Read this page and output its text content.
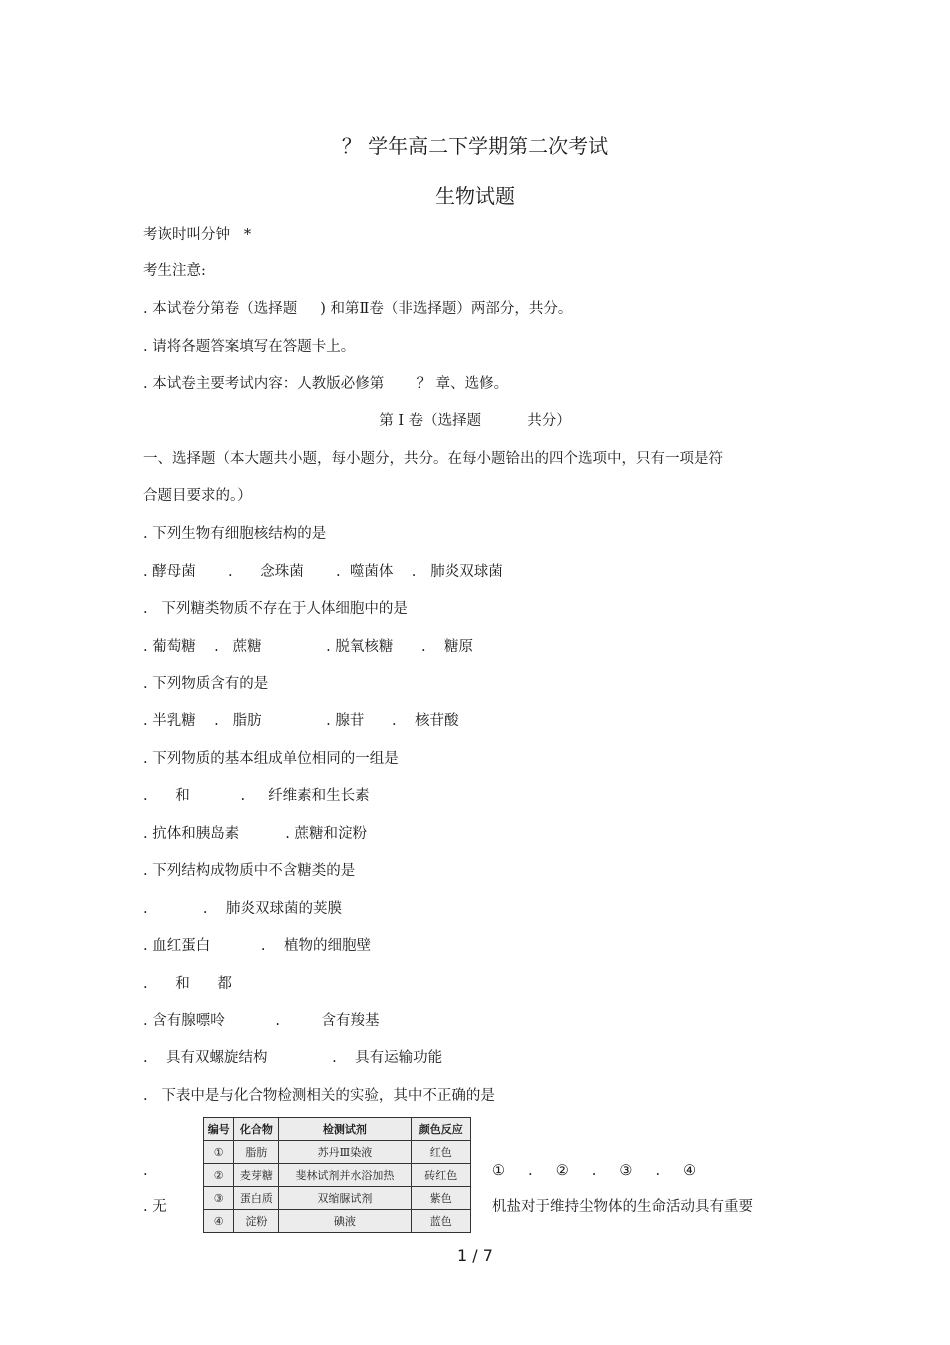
？ 学年高二下学期第二次考试
生物试题
考诙时叫分钟   *
考生注意:
. 本试卷分第卷（选择题     ) 和第Ⅱ卷（非选择题）两部分，共分。
. 请将各题答案填写在答题卡上。
. 本试卷主要考试内容：人教版必修第       ？ 章、选修。
第 Ⅰ 卷（选择题          共分）
一、选择题（本大题共小题，每小题分，共分。在每小题铪出的四个选项中，只有一项是符
合题目要求的。）
. 下列生物有细胞核结构的是
. 酵母菌       .      念珠菌       .  噬菌体    .   肺炎双球菌
.   下列糖类物质不存在于人体细胞中的是
. 葡萄糖    .   蔗糖              . 脱氧核糖      .    糖原
. 下列物质含有的是
. 半乳糖    .   脂肪              . 腺苷      .    核苷酸
. 下列物质的基本组成单位相同的一组是
.      和           .     纤维素和生长素
. 抗体和胰岛素          . 蔗糖和淀粉
. 下列结构成物质中不含糖类的是
.            .    肺炎双球菌的荚膜
. 血红蛋白           .    植物的细胞壁
.      和      都
. 含有腺嘌呤           .         含有羧基
.    具有双螺旋结构              .    具有运输功能
.   下表中是与化合物检测相关的实验，其中不正确的是
编号	化合物	检测试剂	颜色反应
①	脂肪	苏丹Ⅲ染液	红色
②	麦芽糖	斐林试剂并水浴加热	砖红色
③	蛋白质	双缩脲试剂	紫色
④	淀粉	碘液	蓝色
.	①     .     ②     .     ③     .     ④
. 无	机盐对于维持尘物体的生命活动具有重要
1 / 7
